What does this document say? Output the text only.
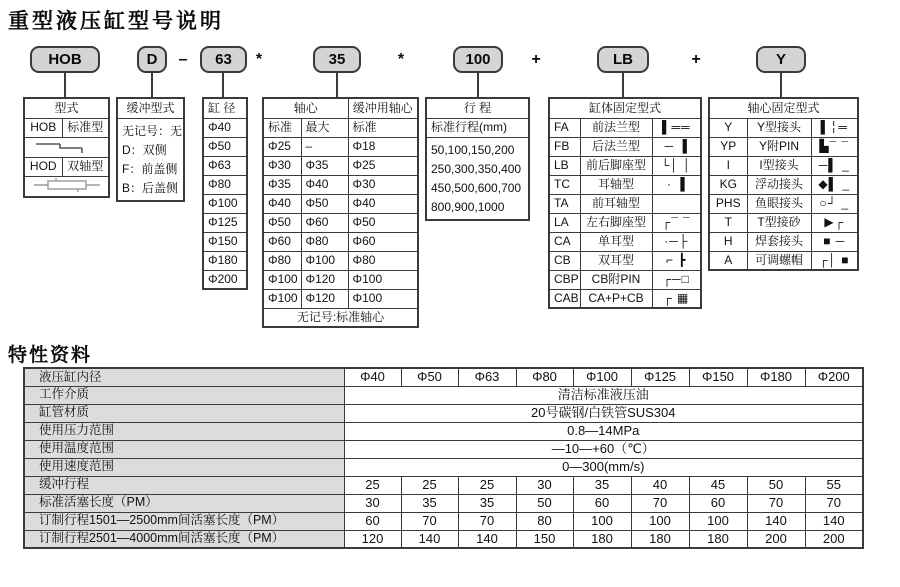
重型液压缸型号说明
HOB	D	–	63	*	35	*	100	+	LB	+	Y
型式	
HOB	标准型

HOD	双轴型

缓冲型式

无记号：无
D：双侧
F：前盖侧
B：后盖侧
缸 径
Φ40
Φ50
Φ63
Φ80
Φ100
Φ125
Φ150
Φ180
Φ200
轴心		缓冲用轴心
标准	最大	标准
Φ25	–	Φ18
Φ30	Φ35	Φ25
Φ35	Φ40	Φ30
Φ40	Φ50	Φ40
Φ50	Φ60	Φ50
Φ60	Φ80	Φ60
Φ80	Φ100	Φ80
Φ100	Φ120	Φ100
Φ100	Φ120	Φ100
无记号:标准轴心		
行 程
标准行程(mm)

50,100,150,200
250,300,350,400
450,500,600,700
800,900,1000
缸体固定型式		
FA	前法兰型	▌══
FB	后法兰型	─ ▐
LB	前后脚座型	└│ │
TC	耳轴型	· ▐
TA	前耳轴型	
LA	左右脚座型	┌¯ ¯
CA	单耳型	·─├
CB	双耳型	⌐ ┣
CBP	CB附PIN	┌─□
CAB	CA+P+CB	┌ ▦
轴心固定型式		
Y	Y型接头	▌╎═
YP	Y附PIN	▙¯ ¯
I	I型接头	─▌ _
KG	浮动接头	◆▌ _
PHS	鱼眼接头	○┘ _
T	T型接砂	▶┌
H	焊套接头	■ ─
A	可调螺帽	┌│ ■
特性资料
液压缸内径	Φ40	Φ50	Φ63	Φ80	Φ100	Φ125	Φ150	Φ180	Φ200
工作介质	清洁标准液压油								
缸管材质	20号碳钢/白铁管SUS304								
使用压力范围	0.8—14MPa								
使用温度范围	—10—+60（℃）								
使用速度范围	0—300(mm/s)								
缓冲行程	25	25	25	30	35	40	45	50	55
标准活塞长度（PM）	30	35	35	50	60	70	60	70	70
订制行程1501—2500mm间活塞长度（PM）	60	70	70	80	100	100	100	140	140
订制行程2501—4000mm间活塞长度（PM）	120	140	140	150	180	180	180	200	200
